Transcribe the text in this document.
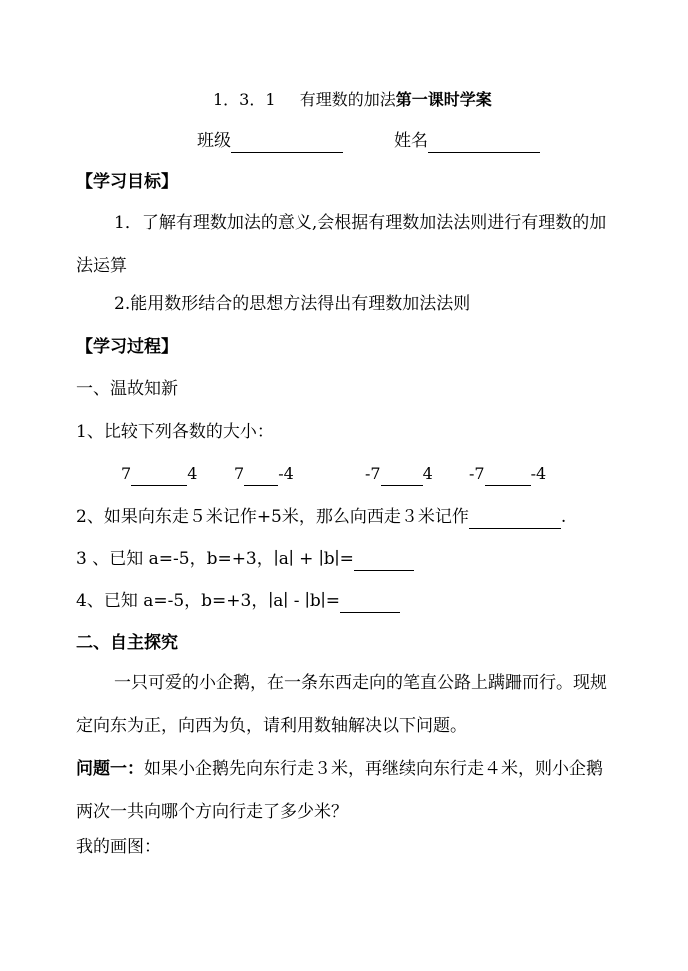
1．3．1 有理数的加法第一课时学案
班级	姓名
【学习目标】
1．了解有理数加法的意义,会根据有理数加法法则进行有理数的加法运算
2.能用数形结合的思想方法得出有理数加法法则
【学习过程】
一、温故知新
1、比较下列各数的大小：
7	4 7 -4	-7	4 -7	-4
2、如果向东走５米记作+5米，那么向西走３米记作	.
3 、已知 a=-5，b=+3，∣a∣ + ∣b∣=
4、已知 a=-5，b=+3，∣a∣ - ∣b∣=
二、自主探究
一只可爱的小企鹅，在一条东西走向的笔直公路上蹒跚而行。现规定向东为正，向西为负，请利用数轴解决以下问题。
问题一：如果小企鹅先向东行走３米，再继续向东行走４米，则小企鹅两次一共向哪个方向行走了多少米？
我的画图：
